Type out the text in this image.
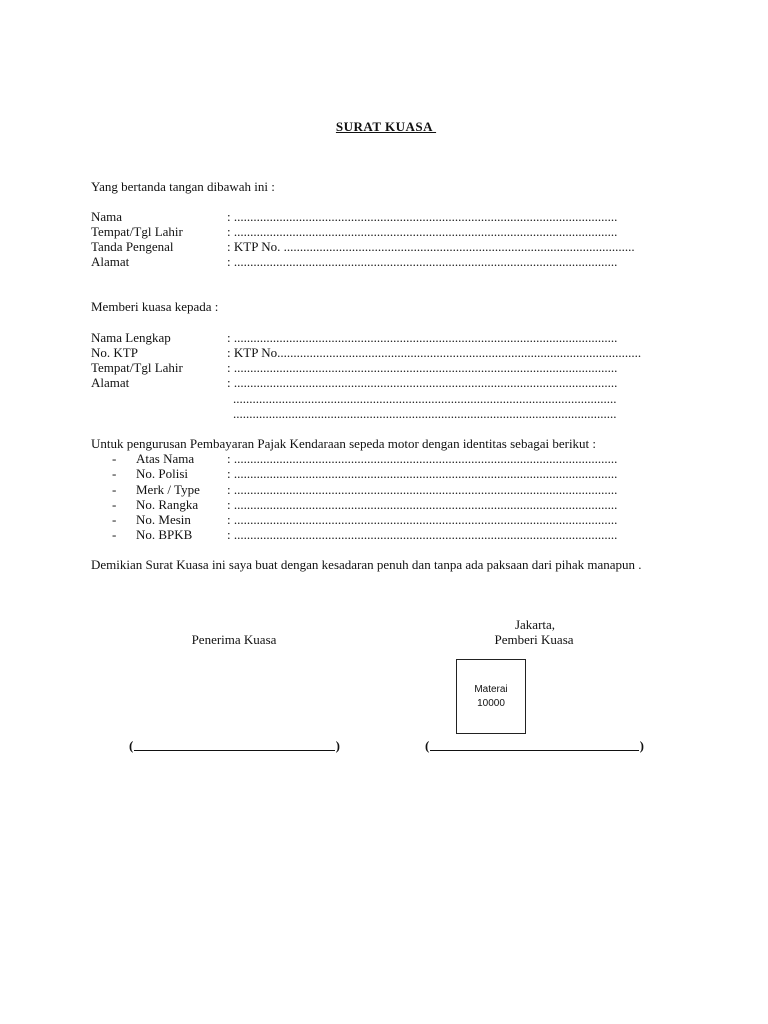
SURAT KUASA
Yang bertanda tangan dibawah ini :
Nama	: ......................................................................................................................
Tempat/Tgl Lahir	: ......................................................................................................................
Tanda Pengenal	: KTP No. ............................................................................................................
Alamat	: ......................................................................................................................
Memberi kuasa kepada :
Nama Lengkap	: ......................................................................................................................
No. KTP	: KTP No................................................................................................................
Tempat/Tgl Lahir	: ......................................................................................................................
Alamat	: ......................................................................................................................
......................................................................................................................
......................................................................................................................
Untuk pengurusan Pembayaran Pajak Kendaraan sepeda motor dengan identitas sebagai berikut :
- Atas Nama	: ......................................................................................................................
- No. Polisi	: ......................................................................................................................
- Merk / Type : ......................................................................................................................
- No. Rangka : ......................................................................................................................
- No. Mesin	: ......................................................................................................................
- No. BPKB	: ......................................................................................................................
Demikian Surat Kuasa ini saya buat dengan kesadaran penuh dan tanpa ada paksaan dari pihak manapun .
Jakarta,
Penerima Kuasa	Pemberi Kuasa
Materai
10000
(	)	(	)
